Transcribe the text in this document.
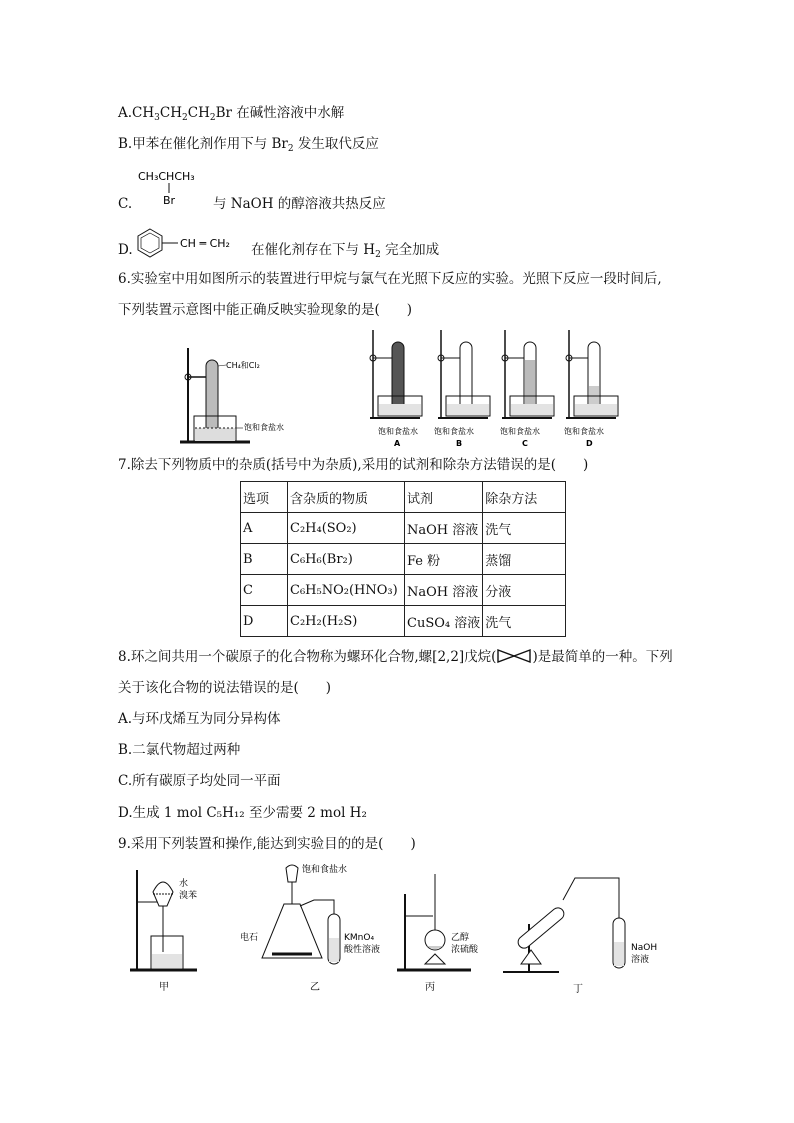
$A.CH_3CH_2CH_2Br$ 在碱性溶液中水解
B.甲苯在催化剂作用下与 $Br_2$ 发生取代反应
C.
CH₃CHCH₃
Br	与 NaOH 的醇溶液共热反应
D.	CH ═ CH₂ 在催化剂存在下与 $H_2$ 完全加成
6.实验室中用如图所示的装置进行甲烷与氯气在光照下反应的实验。光照下反应一段时间后,
下列装置示意图中能正确反映实验现象的是(　　)
CH₄和Cl₂
饱和食盐水	饱和食盐水
A
饱和食盐水
B
饱和食盐水
C
饱和食盐水
D
7.除去下列物质中的杂质(括号中为杂质),采用的试剂和除杂方法错误的是(　　)
选项	含杂质的物质	试剂	除杂方法
A	C₂H₄(SO₂)	NaOH 溶液	洗气
B	C₆H₆(Br₂)	Fe 粉	蒸馏
C	C₆H₅NO₂(HNO₃)	NaOH 溶液	分液
D	C₂H₂(H₂S)	CuSO₄ 溶液	洗气
8.环之间共用一个碳原子的化合物称为螺环化合物,螺[2,2]戊烷(	)是最简单的一种。下列
关于该化合物的说法错误的是(　　)
A.与环戊烯互为同分异构体
B.二氯代物超过两种
C.所有碳原子均处同一平面
D.生成 1 mol C₅H₁₂ 至少需要 2 mol H₂
9.采用下列装置和操作,能达到实验目的的是(　　)
水
溴苯
甲
饱和食盐水
电石	KMnO₄
酸性溶液
乙
乙醇
浓硫酸
丙
NaOH
溶液
丁
